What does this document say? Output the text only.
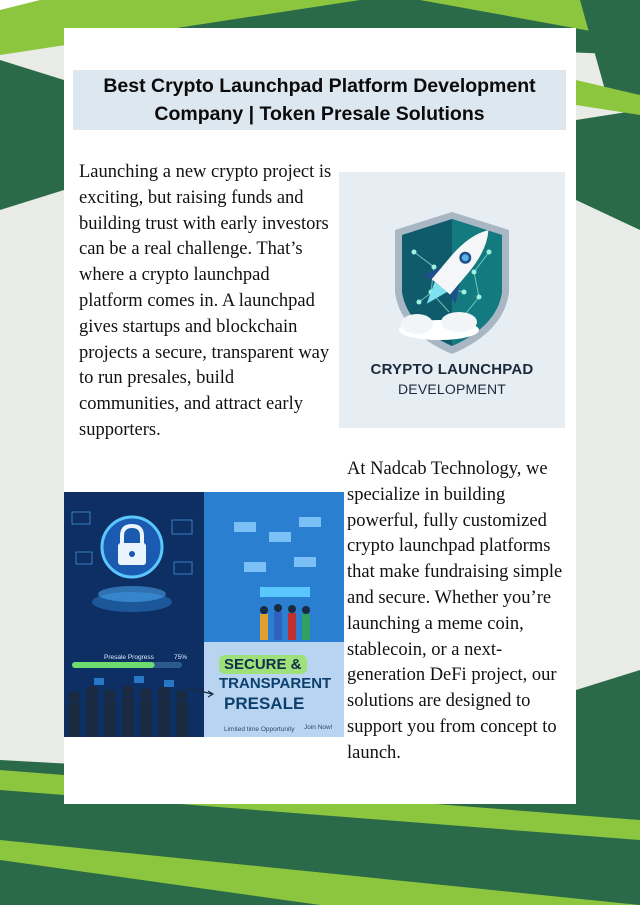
Best Crypto Launchpad Platform Development Company | Token Presale Solutions

Launching a new crypto project is exciting, but raising funds and building trust with early investors can be a real challenge. That’s where a crypto launchpad platform comes in. A launchpad gives startups and blockchain projects a secure, transparent way to run presales, build communities, and attract early supporters.

CRYPTO LAUNCHPAD
DEVELOPMENT
Presale Progress	75%	SECURE &
TRANSPARENT
PRESALE
Limited time Opportunity Join Now!

At Nadcab Technology, we specialize in building powerful, fully customized crypto launchpad platforms that make fundraising simple and secure. Whether you’re launching a meme coin, stablecoin, or a next-generation DeFi project, our solutions are designed to support you from concept to launch.
